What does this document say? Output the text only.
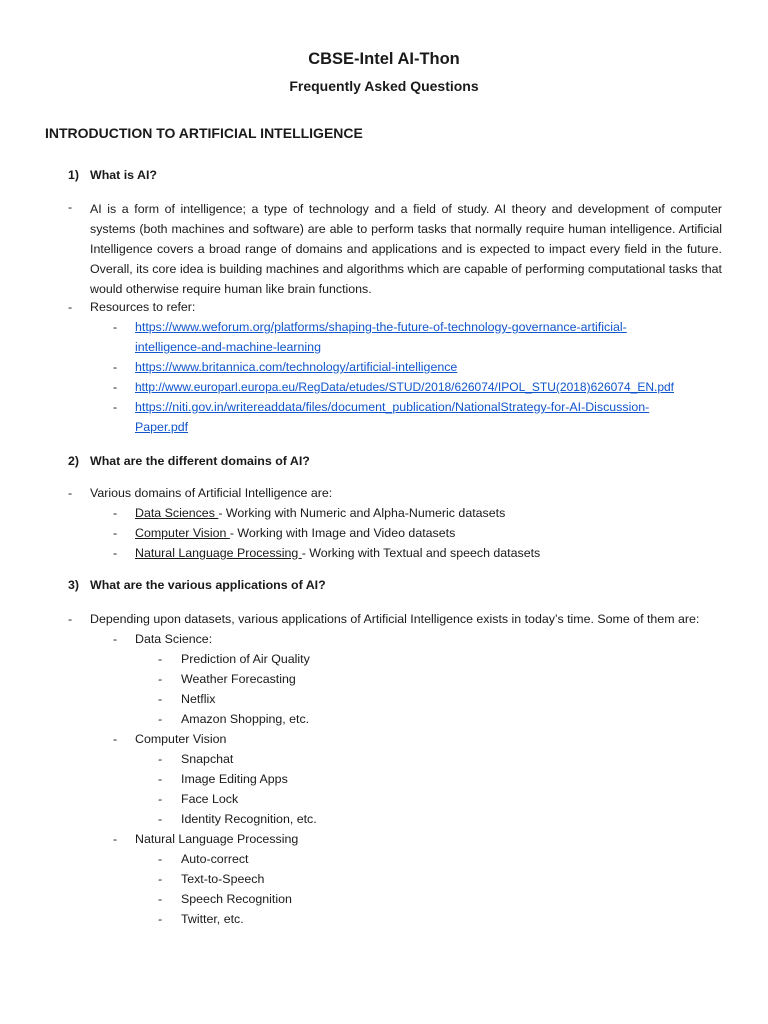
CBSE-Intel AI-Thon
Frequently Asked Questions
INTRODUCTION TO ARTIFICIAL INTELLIGENCE
1) What is AI?
-	AI is a form of intelligence; a type of technology and a field of study. AI theory and development of computer systems (both machines and software) are able to perform tasks that normally require human intelligence. Artificial Intelligence covers a broad range of domains and applications and is expected to impact every field in the future. Overall, its core idea is building machines and algorithms which are capable of performing computational tasks that would otherwise require human like brain functions.
-	Resources to refer:
-	https://www.weforum.org/platforms/shaping-the-future-of-technology-governance-artificial-
intelligence-and-machine-learning
-	https://www.britannica.com/technology/artificial-intelligence
-	http://www.europarl.europa.eu/RegData/etudes/STUD/2018/626074/IPOL_STU(2018)626074_EN.pdf
-	https://niti.gov.in/writereaddata/files/document_publication/NationalStrategy-for-AI-Discussion-
Paper.pdf
2) What are the different domains of AI?
-	Various domains of Artificial Intelligence are:
-	Data Sciences - Working with Numeric and Alpha-Numeric datasets
-	Computer Vision - Working with Image and Video datasets
-	Natural Language Processing - Working with Textual and speech datasets
3) What are the various applications of AI?
-	Depending upon datasets, various applications of Artificial Intelligence exists in today’s time. Some of them are:
-	Data Science:
-	Prediction of Air Quality
-	Weather Forecasting
-	Netflix
-	Amazon Shopping, etc.
-	Computer Vision
-	Snapchat
-	Image Editing Apps
-	Face Lock
-	Identity Recognition, etc.
-	Natural Language Processing
-	Auto-correct
-	Text-to-Speech
-	Speech Recognition
-	Twitter, etc.
